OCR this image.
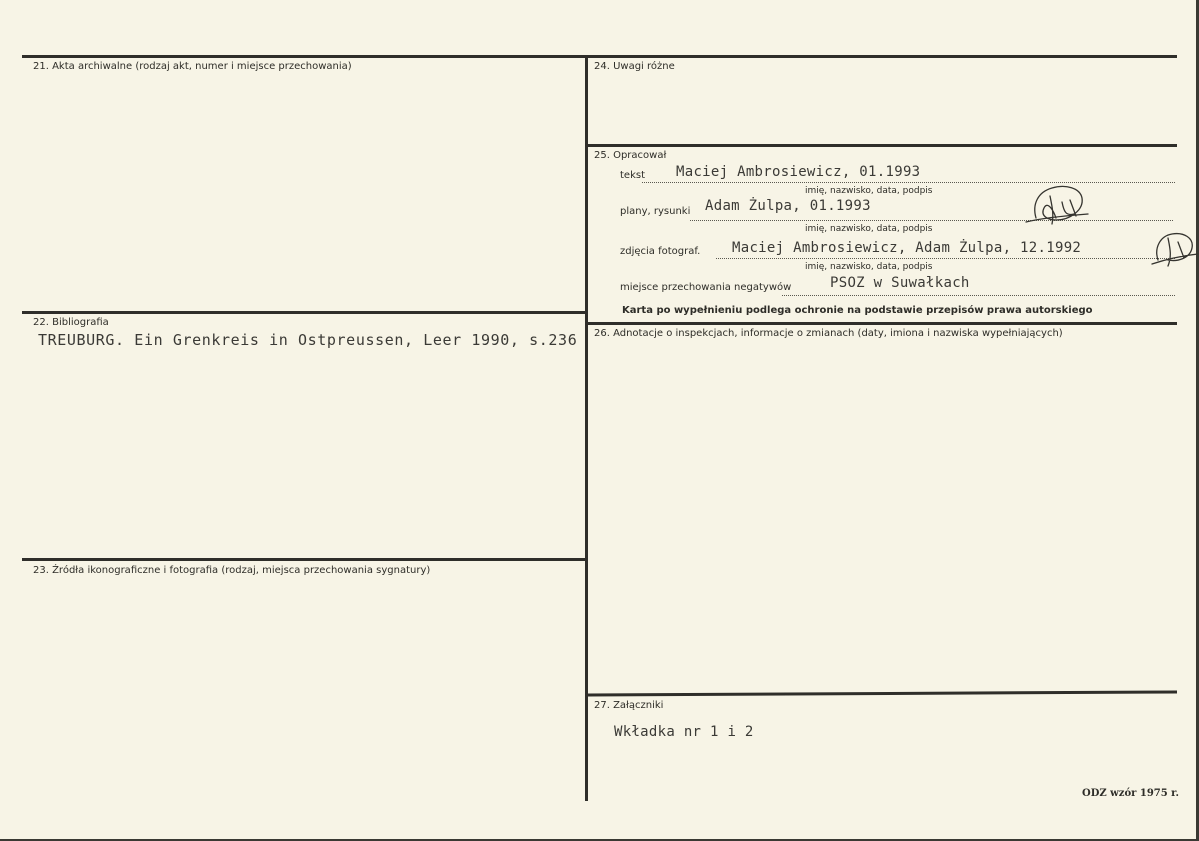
21. Akta archiwalne (rodzaj akt, numer i miejsce przechowania)	24. Uwagi różne
25. Opracował
tekst Maciej Ambrosiewicz, 01.1993
imię, nazwisko, data, podpis
plany, rysunki Adam Żulpa, 01.1993
imię, nazwisko, data, podpis
zdjęcia fotograf. Maciej Ambrosiewicz, Adam Żulpa, 12.1992
imię, nazwisko, data, podpis
miejsce przechowania negatywów	PSOZ w Suwałkach
Karta po wypełnieniu podlega ochronie na podstawie przepisów prawa autorskiego
22. Bibliografia
TREUBURG. Ein Grenkreis in Ostpreussen, Leer 1990, s.236 26. Adnotacje o inspekcjach, informacje o zmianach (daty, imiona i nazwiska wypełniających)
23. Źródła ikonograficzne i fotografia (rodzaj, miejsca przechowania sygnatury)
27. Załączniki
Wkładka nr 1 i 2
ODZ wzór 1975 r.
